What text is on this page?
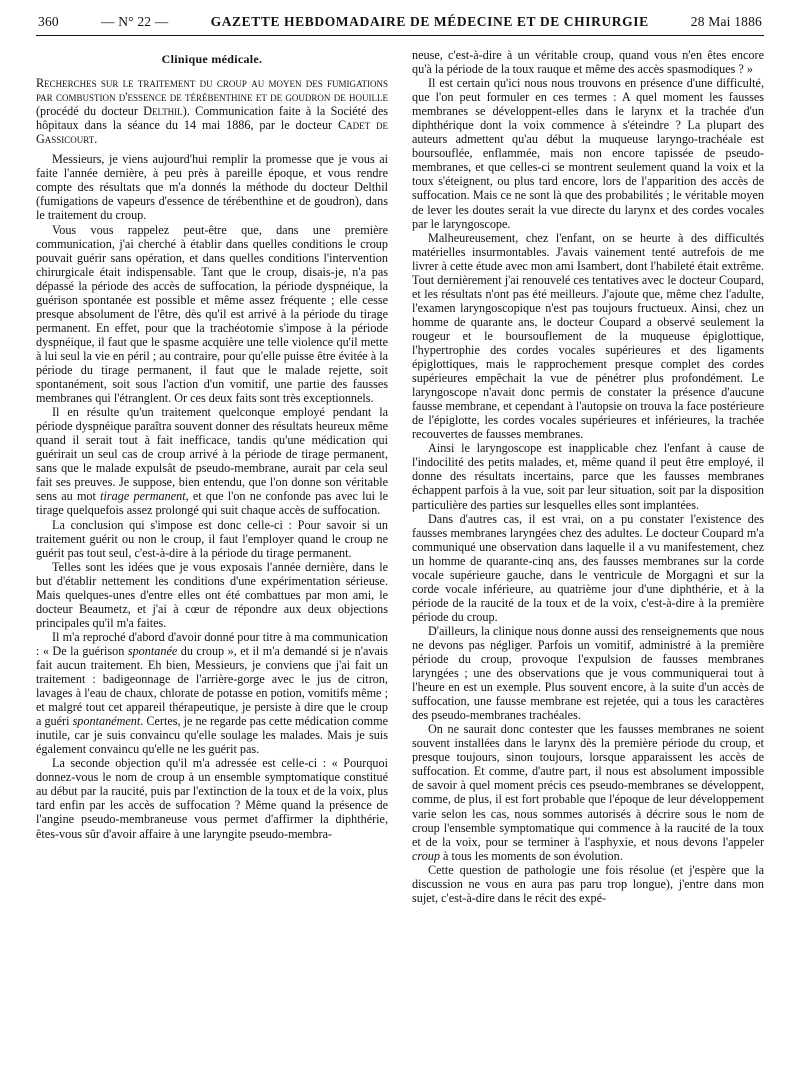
360	— N° 22 —	GAZETTE HEBDOMADAIRE DE MÉDECINE ET DE CHIRURGIE	28 Mai 1886
Clinique médicale.

Recherches sur le traitement du croup au moyen des fumigations par combustion d'essence de térébenthine et de goudron de houille (procédé du docteur Delthil). Communication faite à la Société des hôpitaux dans la séance du 14 mai 1886, par le docteur Cadet de Gassicourt.

Messieurs, je viens aujourd'hui remplir la promesse que je vous ai faite l'année dernière, à peu près à pareille époque, et vous rendre compte des résultats que m'a donnés la méthode du docteur Delthil (fumigations de vapeurs d'essence de térébenthine et de goudron), dans le traitement du croup.

Vous vous rappelez peut-être que, dans une première communication, j'ai cherché à établir dans quelles conditions le croup pouvait guérir sans opération, et dans quelles conditions l'intervention chirurgicale était indispensable. Tant que le croup, disais-je, n'a pas dépassé la période des accès de suffocation, la période dyspnéique, la guérison spontanée est possible et même assez fréquente ; elle cesse presque absolument de l'être, dès qu'il est arrivé à la période du tirage permanent. En effet, pour que la trachéotomie s'impose à la période dyspnéique, il faut que le spasme acquière une telle violence qu'il mette à lui seul la vie en péril ; au contraire, pour qu'elle puisse être évitée à la période du tirage permanent, il faut que le malade rejette, soit spontanément, soit sous l'action d'un vomitif, une partie des fausses membranes qui l'étranglent. Or ces deux faits sont très exceptionnels.

Il en résulte qu'un traitement quelconque employé pendant la période dyspnéique paraîtra souvent donner des résultats heureux même quand il serait tout à fait inefficace, tandis qu'une médication qui guérirait un seul cas de croup arrivé à la période de tirage permanent, sans que le malade expulsât de pseudo-membrane, aurait par cela seul fait ses preuves. Je suppose, bien entendu, que l'on donne son véritable sens au mot tirage permanent, et que l'on ne confonde pas avec lui le tirage quelquefois assez prolongé qui suit chaque accès de suffocation.

La conclusion qui s'impose est donc celle-ci : Pour savoir si un traitement guérit ou non le croup, il faut l'employer quand le croup ne guérit pas tout seul, c'est-à-dire à la période du tirage permanent.

Telles sont les idées que je vous exposais l'année dernière, dans le but d'établir nettement les conditions d'une expérimentation sérieuse. Mais quelques-unes d'entre elles ont été combattues par mon ami, le docteur Beaumetz, et j'ai à cœur de répondre aux deux objections principales qu'il m'a faites.

Il m'a reproché d'abord d'avoir donné pour titre à ma communication : « De la guérison spontanée du croup », et il m'a demandé si je n'avais fait aucun traitement. Eh bien, Messieurs, je conviens que j'ai fait un traitement : badigeonnage de l'arrière-gorge avec le jus de citron, lavages à l'eau de chaux, chlorate de potasse en potion, vomitifs même ; et malgré tout cet appareil thérapeutique, je persiste à dire que le croup a guéri spontanément. Certes, je ne regarde pas cette médication comme inutile, car je suis convaincu qu'elle soulage les malades. Mais je suis également convaincu qu'elle ne les guérit pas.

La seconde objection qu'il m'a adressée est celle-ci : « Pourquoi donnez-vous le nom de croup à un ensemble symptomatique constitué au début par la raucité, puis par l'extinction de la toux et de la voix, plus tard enfin par les accès de suffocation ? Même quand la présence de l'angine pseudo-membraneuse vous permet d'affirmer la diphthérie, êtes-vous sûr d'avoir affaire à une laryngite pseudo-membra-

neuse, c'est-à-dire à un véritable croup, quand vous n'en êtes encore qu'à la période de la toux rauque et même des accès spasmodiques ? »

Il est certain qu'ici nous nous trouvons en présence d'une difficulté, que l'on peut formuler en ces termes : A quel moment les fausses membranes se développent-elles dans le larynx et la trachée d'un diphthérique dont la voix commence à s'éteindre ? La plupart des auteurs admettent qu'au début la muqueuse laryngo-trachéale est boursouflée, enflammée, mais non encore tapissée de pseudo-membranes, et que celles-ci se montrent seulement quand la voix et la toux s'éteignent, ou plus tard encore, lors de l'apparition des accès de suffocation. Mais ce ne sont là que des probabilités ; le véritable moyen de lever les doutes serait la vue directe du larynx et des cordes vocales par le laryngoscope.

Malheureusement, chez l'enfant, on se heurte à des difficultés matérielles insurmontables. J'avais vainement tenté autrefois de me livrer à cette étude avec mon ami Isambert, dont l'habileté était extrême. Tout dernièrement j'ai renouvelé ces tentatives avec le docteur Coupard, et les résultats n'ont pas été meilleurs. J'ajoute que, même chez l'adulte, l'examen laryngoscopique n'est pas toujours fructueux. Ainsi, chez un homme de quarante ans, le docteur Coupard a observé seulement la rougeur et le boursouflement de la muqueuse épiglottique, l'hypertrophie des cordes vocales supérieures et des ligaments épiglottiques, mais le rapprochement presque complet des cordes supérieures empêchait la vue de pénétrer plus profondément. Le laryngoscope n'avait donc permis de constater la présence d'aucune fausse membrane, et cependant à l'autopsie on trouva la face postérieure de l'épiglotte, les cordes vocales supérieures et inférieures, la trachée recouvertes de fausses membranes.

Ainsi le laryngoscope est inapplicable chez l'enfant à cause de l'indocilité des petits malades, et, même quand il peut être employé, il donne des résultats incertains, parce que les fausses membranes échappent parfois à la vue, soit par leur situation, soit par la disposition particulière des parties sur lesquelles elles sont implantées.

Dans d'autres cas, il est vrai, on a pu constater l'existence des fausses membranes laryngées chez des adultes. Le docteur Coupard m'a communiqué une observation dans laquelle il a vu manifestement, chez un homme de quarante-cinq ans, des fausses membranes sur la corde vocale supérieure gauche, dans le ventricule de Morgagni et sur la corde vocale inférieure, au quatrième jour d'une diphthérie, et à la période de la raucité de la toux et de la voix, c'est-à-dire à la première période du croup.

D'ailleurs, la clinique nous donne aussi des renseignements que nous ne devons pas négliger. Parfois un vomitif, administré à la première période du croup, provoque l'expulsion de fausses membranes laryngées ; une des observations que je vous communiquerai tout à l'heure en est un exemple. Plus souvent encore, à la suite d'un accès de suffocation, une fausse membrane est rejetée, qui a tous les caractères des pseudo-membranes trachéales.

On ne saurait donc contester que les fausses membranes ne soient souvent installées dans le larynx dès la première période du croup, et presque toujours, sinon toujours, lorsque apparaissent les accès de suffocation. Et comme, d'autre part, il nous est absolument impossible de savoir à quel moment précis ces pseudo-membranes se développent, comme, de plus, il est fort probable que l'époque de leur développement varie selon les cas, nous sommes autorisés à décrire sous le nom de croup l'ensemble symptomatique qui commence à la raucité de la toux et de la voix, pour se terminer à l'asphyxie, et nous devons l'appeler croup à tous les moments de son évolution.

Cette question de pathologie une fois résolue (et j'espère que la discussion ne vous en aura pas paru trop longue), j'entre dans mon sujet, c'est-à-dire dans le récit des expé-
